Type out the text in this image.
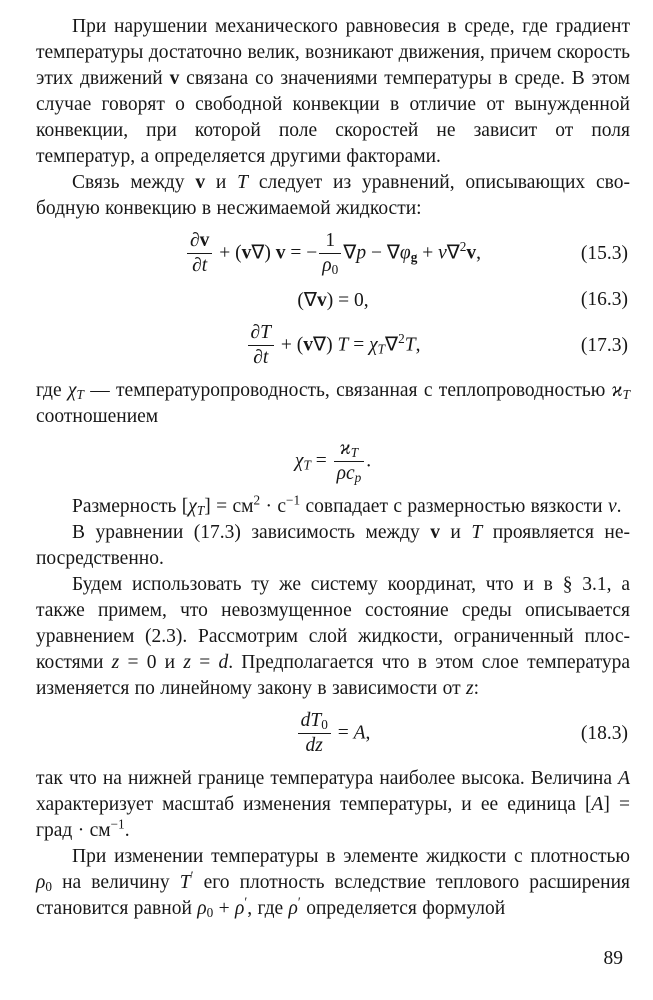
При нарушении механического равновесия в среде, где градиент температуры достаточно велик, возникают движения, причем скорость этих движений v связана со значениями температуры в среде. В этом случае говорят о свободной конвекции в отличие от вынужденной конвекции, при которой поле скоростей не зависит от поля температур, а определяется другими факторами.

Связь между v и T следует из уравнений, описывающих свободную конвекцию в несжимаемой жидкости:

$\frac{\partial v}{\partial t} + (v\nabla) v$ = − $\frac{1}{\rho_0} \nabla p - \nabla\varphi_g + \nu\nabla^2v$,	(15.3)
(∇v) = 0,	(16.3)
$\frac{\partial T}{\partial t} + (v\nabla) T = \chi_T\nabla^2T$,	(17.3)

где $\chi_T$ — температуропроводность, связанная с теплопроводностью $ϰ_T$ соотношением

$\chi_T = \frac{ϰ_T}{\rho c_p}$ .

Размерность $[\chi_T] = см^2 \cdot с^{-1}$ совпадает с размерностью вязкости ν.

В уравнении (17.3) зависимость между v и T проявляется непосредственно.

Будем использовать ту же систему координат, что и в § 3.1, а также примем, что невозмущенное состояние среды описывается уравнением (2.3). Рассмотрим слой жидкости, ограниченный плоскостями z = 0 и z = d. Предполагается что в этом слое температура изменяется по линейному закону в зависимости от z:

$\frac{dT_0}{dz} = A$,	(18.3)

так что на нижней границе температура наиболее высока. Величина A характеризует масштаб изменения температуры, и ее единица [A] = град · $см^{-1}$.

При изменении температуры в элементе жидкости с плотностью $\rho_0$ на величину T′ его плотность вследствие теплового расширения становится равной $\rho_0 + \rho'$, где ρ′ определяется формулой

89
